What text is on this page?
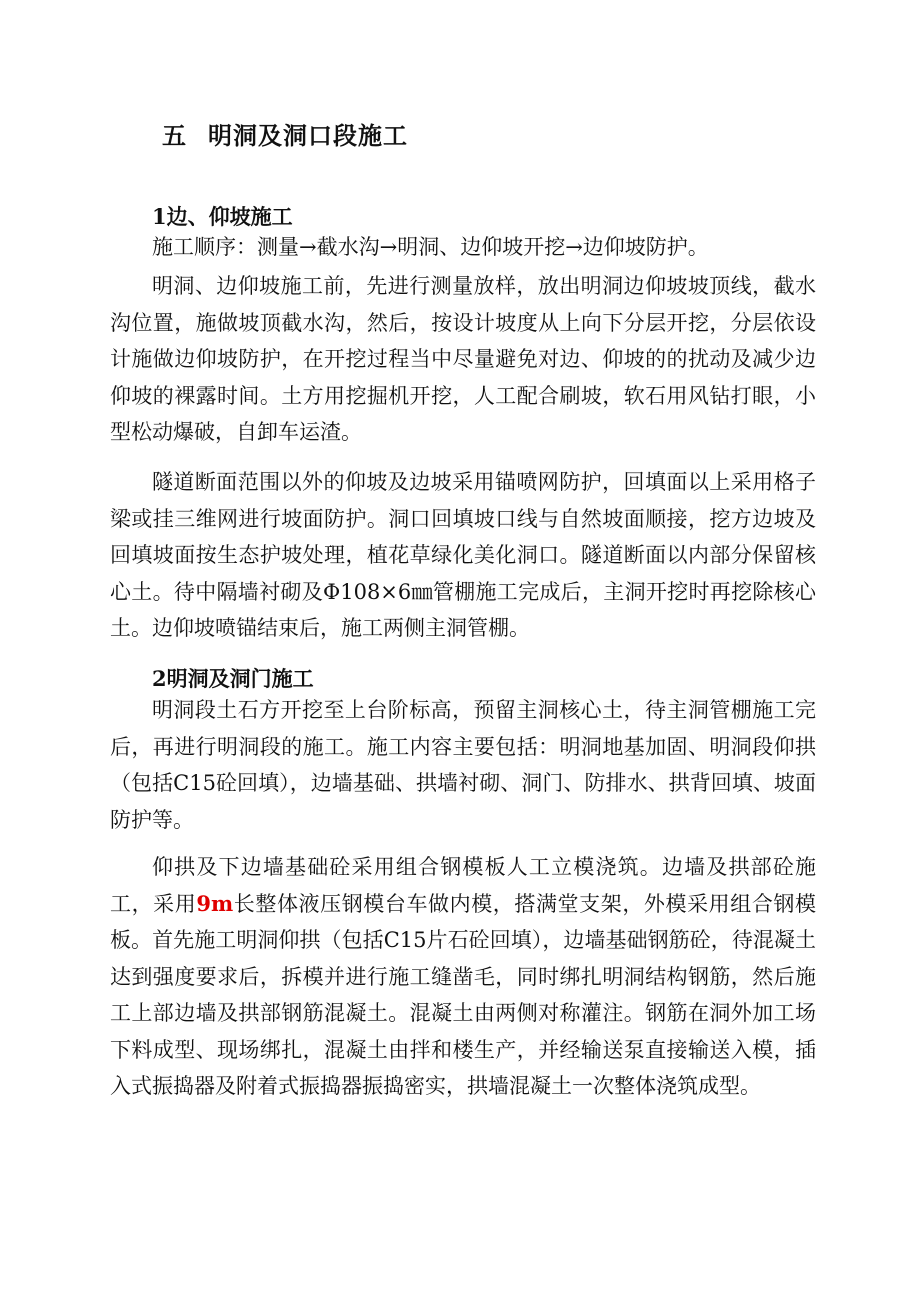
五 明洞及洞口段施工
1边、仰坡施工

施工顺序：测量→截水沟→明洞、边仰坡开挖→边仰坡防护。

明洞、边仰坡施工前，先进行测量放样，放出明洞边仰坡坡顶线，截水沟位置，施做坡顶截水沟，然后，按设计坡度从上向下分层开挖，分层依设计施做边仰坡防护，在开挖过程当中尽量避免对边、仰坡的的扰动及减少边仰坡的裸露时间。土方用挖掘机开挖，人工配合刷坡，软石用风钻打眼，小型松动爆破，自卸车运渣。

隧道断面范围以外的仰坡及边坡采用锚喷网防护，回填面以上采用格子梁或挂三维网进行坡面防护。洞口回填坡口线与自然坡面顺接，挖方边坡及回填坡面按生态护坡处理，植花草绿化美化洞口。隧道断面以内部分保留核心土。待中隔墙衬砌及Φ108×6㎜管棚施工完成后，主洞开挖时再挖除核心土。边仰坡喷锚结束后，施工两侧主洞管棚。

2明洞及洞门施工

明洞段土石方开挖至上台阶标高，预留主洞核心土，待主洞管棚施工完后，再进行明洞段的施工。施工内容主要包括：明洞地基加固、明洞段仰拱（包括C15砼回填），边墙基础、拱墙衬砌、洞门、防排水、拱背回填、坡面防护等。

仰拱及下边墙基础砼采用组合钢模板人工立模浇筑。边墙及拱部砼施工，采用9m长整体液压钢模台车做内模，搭满堂支架，外模采用组合钢模板。首先施工明洞仰拱（包括C15片石砼回填），边墙基础钢筋砼，待混凝土达到强度要求后，拆模并进行施工缝凿毛，同时绑扎明洞结构钢筋，然后施工上部边墙及拱部钢筋混凝土。混凝土由两侧对称灌注。钢筋在洞外加工场下料成型、现场绑扎，混凝土由拌和楼生产，并经输送泵直接输送入模，插入式振捣器及附着式振捣器振捣密实，拱墙混凝土一次整体浇筑成型。
